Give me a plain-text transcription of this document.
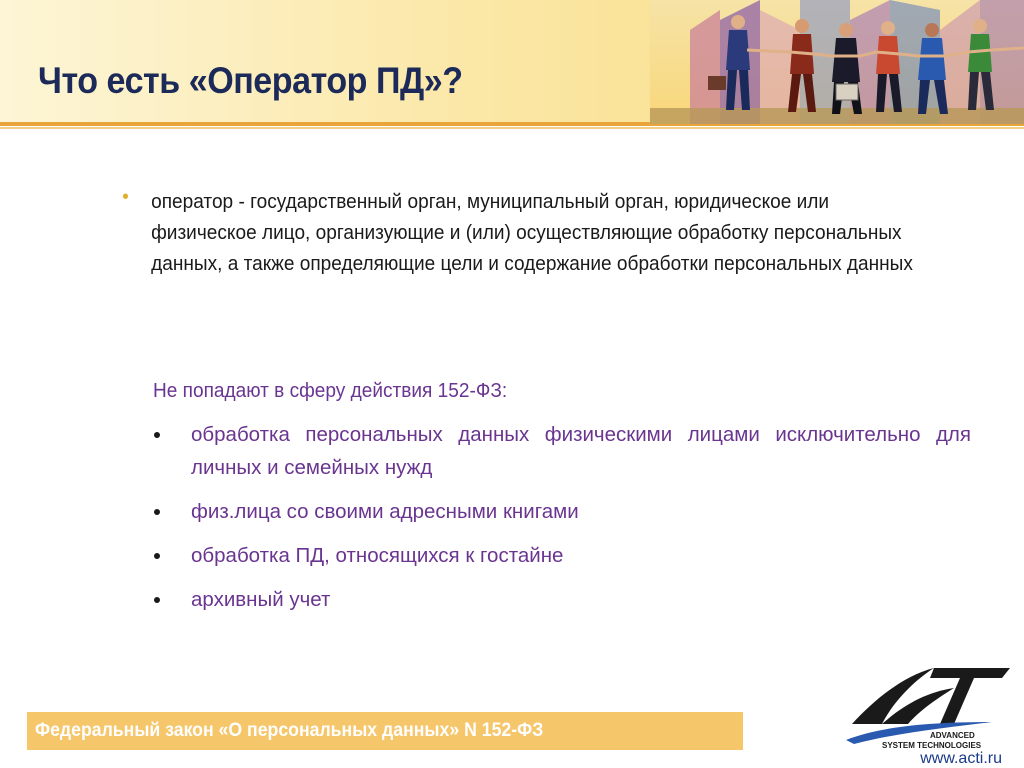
Что есть «Оператор ПД»?
•	оператор - государственный орган, муниципальный орган, юридическое или физическое лицо, организующие и (или) осуществляющие обработку персональных данных, а также определяющие цели и содержание обработки персональных данных
Не попадают в сферу действия 152-ФЗ:
обработка персональных данных физическими лицами исключительно для личных и семейных нужд
физ.лица со своими адресными книгами
обработка ПД, относящихся к гостайне
архивный учет

Федеральный закон «О персональных данных» N 152-ФЗ	ADVANCED
SYSTEM TECHNOLOGIES
www.acti.ru
